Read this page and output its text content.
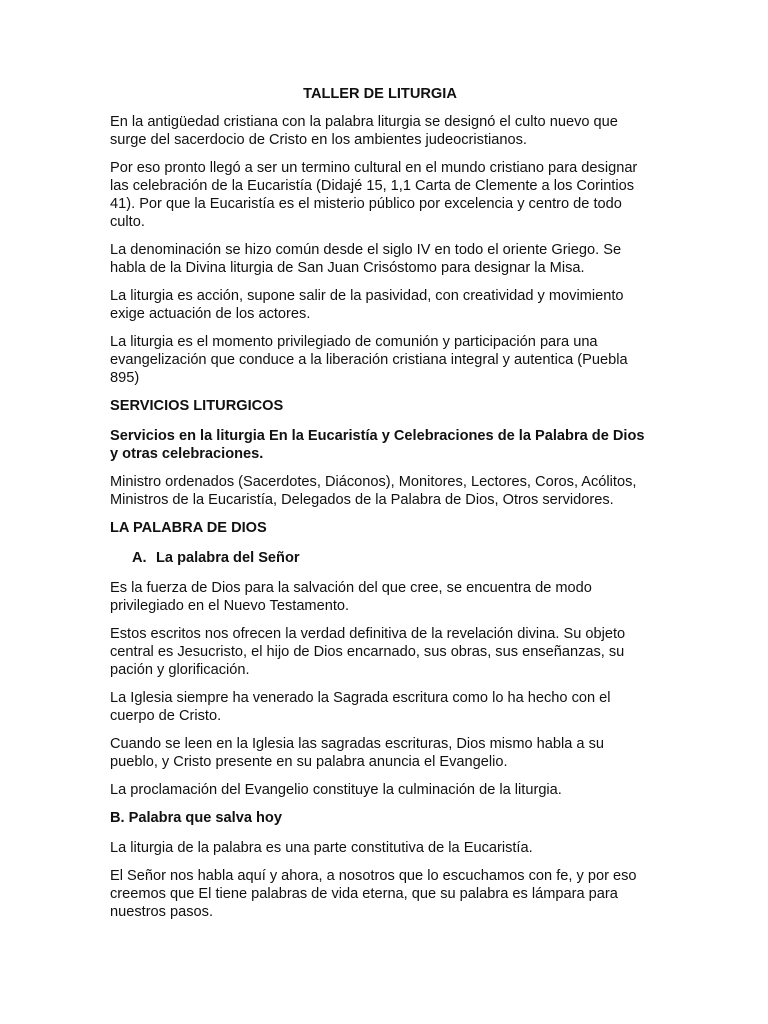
TALLER DE LITURGIA

En la antigüedad cristiana con la palabra liturgia se designó el culto nuevo que surge del sacerdocio de Cristo en los ambientes judeocristianos.

Por eso pronto llegó a ser un termino cultural en el mundo cristiano para designar las celebración de la Eucaristía (Didajé 15, 1,1 Carta de Clemente a los Corintios 41). Por que la Eucaristía es el misterio público por excelencia y centro de todo culto.

La denominación se hizo común desde el siglo IV en todo el oriente Griego. Se habla de la Divina liturgia de San Juan Crisóstomo para designar la Misa.

La liturgia es acción, supone salir de la pasividad, con creatividad y movimiento exige actuación de los actores.

La liturgia es el momento privilegiado de comunión y participación para una evangelización que conduce a la liberación cristiana integral y autentica (Puebla 895)

SERVICIOS LITURGICOS

Servicios en la liturgia En la Eucaristía y Celebraciones de la Palabra de Dios y otras celebraciones.

Ministro ordenados (Sacerdotes, Diáconos), Monitores, Lectores, Coros, Acólitos, Ministros de la Eucaristía, Delegados de la Palabra de Dios, Otros servidores.

LA PALABRA DE DIOS
A. La palabra del Señor

Es la fuerza de Dios para la salvación del que cree, se encuentra de modo privilegiado en el Nuevo Testamento.

Estos escritos nos ofrecen la verdad definitiva de la revelación divina. Su objeto central es Jesucristo, el hijo de Dios encarnado, sus obras, sus enseñanzas, su pación y glorificación.

La Iglesia siempre ha venerado la Sagrada escritura como lo ha hecho con el cuerpo de Cristo.

Cuando se leen en la Iglesia las sagradas escrituras, Dios mismo habla a su pueblo, y Cristo presente en su palabra anuncia el Evangelio.

La proclamación del Evangelio constituye la culminación de la liturgia.

B. Palabra que salva hoy

La liturgia de la palabra es una parte constitutiva de la Eucaristía.

El Señor nos habla aquí y ahora, a nosotros que lo escuchamos con fe, y por eso creemos que El tiene palabras de vida eterna, que su palabra es lámpara para nuestros pasos.
